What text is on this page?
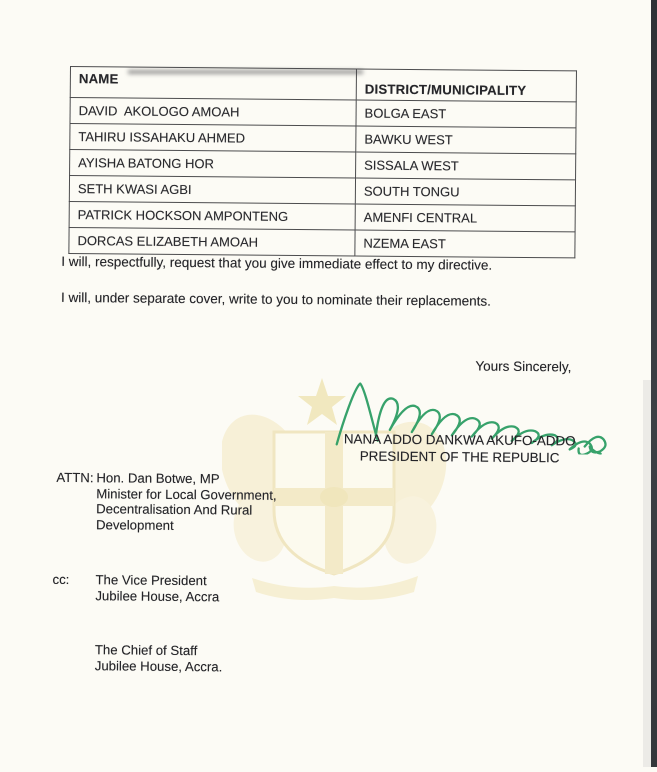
NAME	DISTRICT/MUNICIPALITY
DAVID  AKOLOGO AMOAH	BOLGA EAST
TAHIRU ISSAHAKU AHMED	BAWKU WEST
AYISHA BATONG HOR	SISSALA WEST
SETH KWASI AGBI	SOUTH TONGU
PATRICK HOCKSON AMPONTENG	AMENFI CENTRAL
DORCAS ELIZABETH AMOAH	NZEMA EAST
I will, respectfully, request that you give immediate effect to my directive.
I will, under separate cover, write to you to nominate their replacements.
Yours Sincerely,
NANA ADDO DANKWA AKUFO-ADDO
PRESIDENT OF THE REPUBLIC
ATTN: Hon. Dan Botwe, MP
Minister for Local Government,
Decentralisation And Rural
Development
cc:	The Vice President
Jubilee House, Accra
The Chief of Staff
Jubilee House, Accra.
